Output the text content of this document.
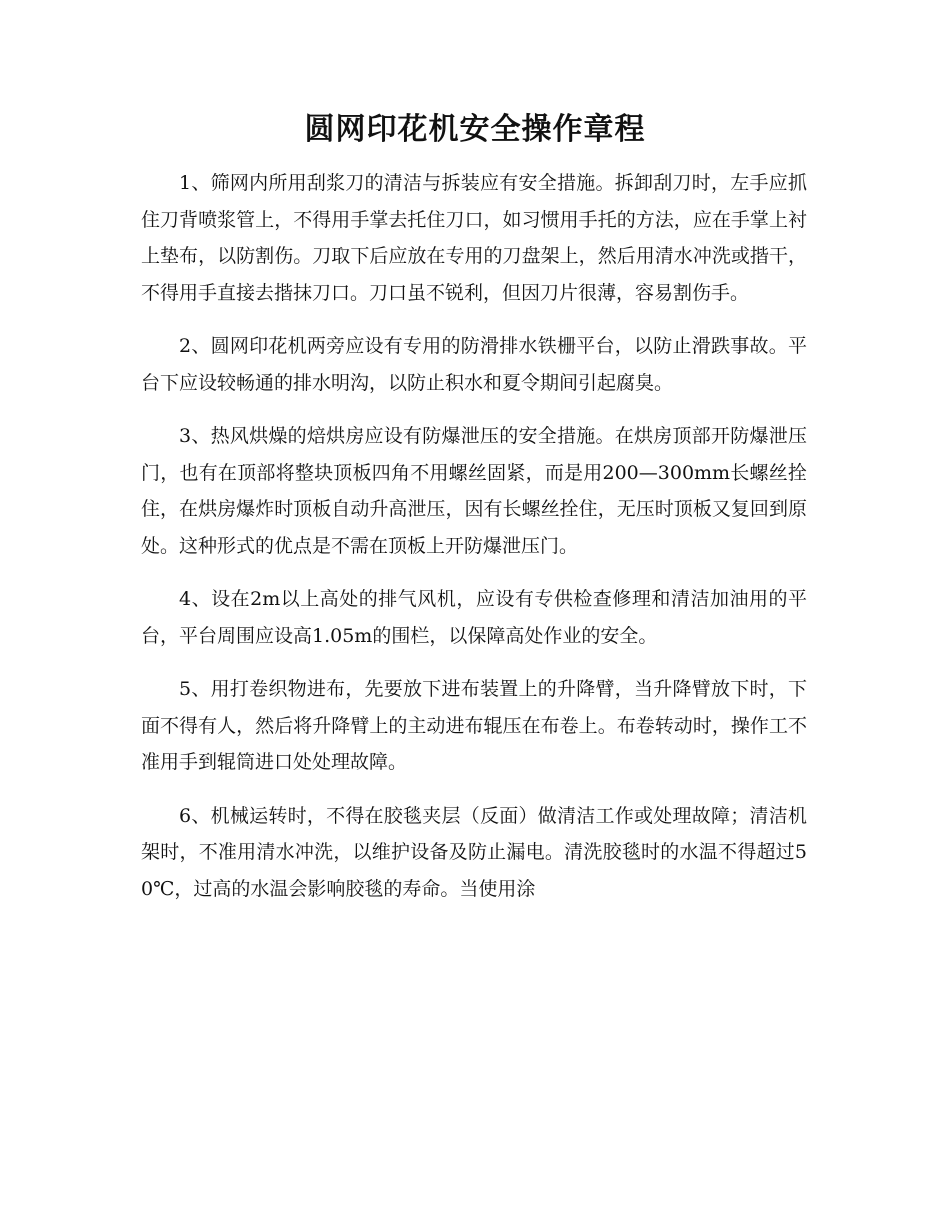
圆网印花机安全操作章程

1、筛网内所用刮浆刀的清洁与拆装应有安全措施。拆卸刮刀时，左手应抓住刀背喷浆管上，不得用手掌去托住刀口，如习惯用手托的方法，应在手掌上衬上垫布，以防割伤。刀取下后应放在专用的刀盘架上，然后用清水冲洗或揩干，不得用手直接去揩抹刀口。刀口虽不锐利，但因刀片很薄，容易割伤手。

2、圆网印花机两旁应设有专用的防滑排水铁栅平台，以防止滑跌事故。平台下应设较畅通的排水明沟，以防止积水和夏令期间引起腐臭。

3、热风烘燥的焙烘房应设有防爆泄压的安全措施。在烘房顶部开防爆泄压门，也有在顶部将整块顶板四角不用螺丝固紧，而是用200—300mm长螺丝拴住，在烘房爆炸时顶板自动升高泄压，因有长螺丝拴住，无压时顶板又复回到原处。这种形式的优点是不需在顶板上开防爆泄压门。

4、设在2m以上高处的排气风机，应设有专供检查修理和清洁加油用的平台，平台周围应设高1.05m的围栏，以保障高处作业的安全。

5、用打卷织物进布，先要放下进布装置上的升降臂，当升降臂放下时，下面不得有人，然后将升降臂上的主动进布辊压在布卷上。布卷转动时，操作工不准用手到辊筒进口处处理故障。

6、机械运转时，不得在胶毯夹层（反面）做清洁工作或处理故障；清洁机架时，不准用清水冲洗，以维护设备及防止漏电。清洗胶毯时的水温不得超过50℃，过高的水温会影响胶毯的寿命。当使用涂
